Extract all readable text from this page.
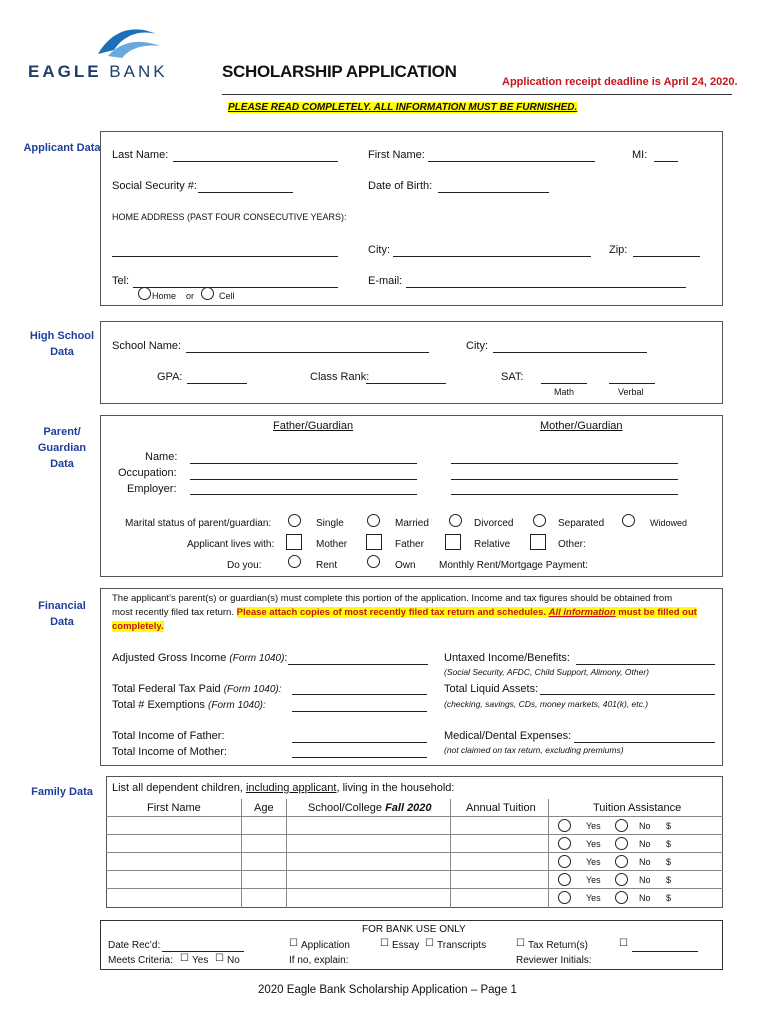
EAGLE BANK	SCHOLARSHIP APPLICATION
Application receipt deadline is April 24, 2020.
PLEASE READ COMPLETELY. ALL INFORMATION MUST BE FURNISHED.
Applicant Data
Last Name:	First Name:	MI:
Social Security #:	Date of Birth:
HOME ADDRESS (PAST FOUR CONSECUTIVE YEARS):
City:	Zip:
Tel:	E-mail:
Home or	Cell
High School Data	School Name:	City:
GPA:	Class Rank:	SAT:
Math	Verbal
Parent/ Guardian Data
Father/Guardian	Mother/Guardian
Name:
Occupation:
Employer:
Marital status of parent/guardian:	Single	Married	Divorced	Separated	Widowed
Applicant lives with:	Mother	Father	Relative	Other:
Do you:	Rent	Own Monthly Rent/Mortgage Payment:
Financial Data
The applicant’s parent(s) or guardian(s) must complete this portion of the application. Income and tax figures should be obtained from
most recently filed tax return. Please attach copies of most recently filed tax return and schedules. All information must be filled out
completely.
Adjusted Gross Income (Form 1040):	Untaxed Income/Benefits:
(Social Security, AFDC, Child Support, Alimony, Other)
Total Federal Tax Paid (Form 1040):	Total Liquid Assets:
Total # Exemptions (Form 1040):	(checking, savings, CDs, money markets, 401(k), etc.)
Total Income of Father:	Medical/Dental Expenses:
Total Income of Mother:	(not claimed on tax return, excluding premiums)
Family Data List all dependent children, including applicant, living in the household:
First Name	Age	School/College Fall 2020	Annual Tuition	Tuition Assistance
Yes	No $
Yes	No $
Yes	No $
Yes	No $
Yes	No $
FOR BANK USE ONLY
Date Rec’d:	☐ Application	☐ Essay ☐ Transcripts	☐ Tax Return(s)	☐
Meets Criteria: ☐ Yes ☐ No	If no, explain:	Reviewer Initials:
2020 Eagle Bank Scholarship Application – Page 1
